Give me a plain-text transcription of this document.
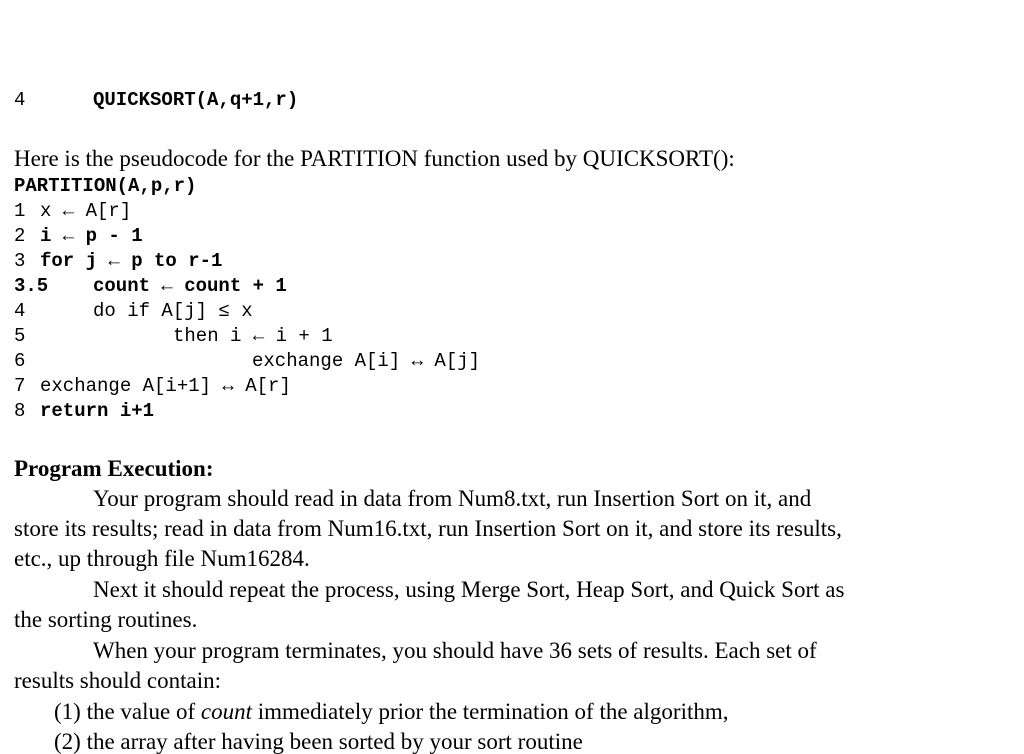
4	QUICKSORT(A,q+1,r)
Here is the pseudocode for the PARTITION function used by QUICKSORT():
PARTITION(A,p,r)
1 x ← A[r]
2 i ← p - 1
3 for j ← p to r-1
3.5 count ← count + 1
4	do if A[j] ≤ x
5	then i ← i + 1
6	exchange A[i] ↔ A[j]
7 exchange A[i+1] ↔ A[r]
8 return i+1
Program Execution:
Your program should read in data from Num8.txt, run Insertion Sort on it, and
store its results; read in data from Num16.txt, run Insertion Sort on it, and store its results,
etc., up through file Num16284.
Next it should repeat the process, using Merge Sort, Heap Sort, and Quick Sort as
the sorting routines.
When your program terminates, you should have 36 sets of results. Each set of
results should contain:
(1) the value of count immediately prior the termination of the algorithm,
(2) the array after having been sorted by your sort routine
